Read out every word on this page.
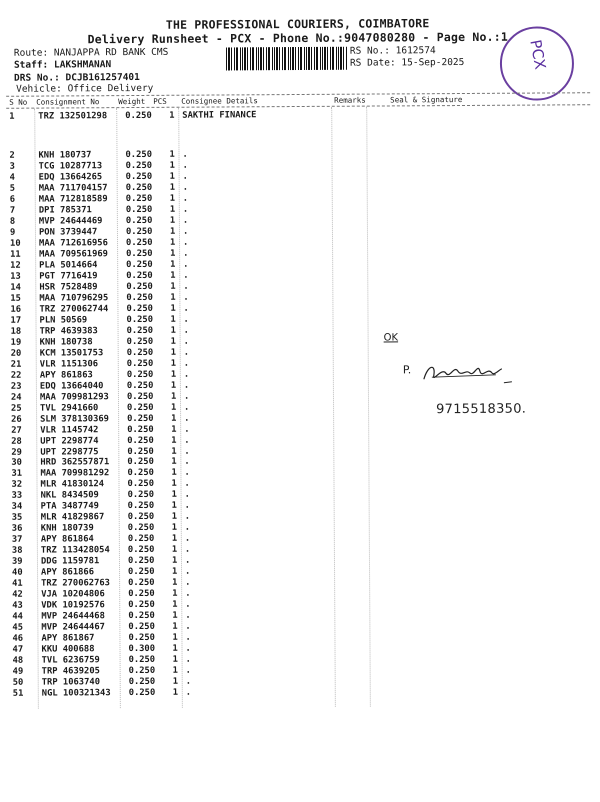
THE PROFESSIONAL COURIERS, COIMBATORE
Delivery Runsheet - PCX - Phone No.:9047080280 - Page No.:1
Route: NANJAPPA RD BANK CMS
Staff: LAKSHMANAN
DRS No.: DCJB161257401
Vehicle: Office Delivery
RS No.: 1612574
RS Date: 15-Sep-2025	PCX
S No Consignment No Weight PCS Consignee Details	Remarks	Seal & Signature
1	TRZ 132501298 0.250 1 SAKTHI FINANCE
2	KNH 180737	0.250 1 .
3	TCG 10287713	0.250 1 .
4	EDQ 13664265	0.250 1 .
5	MAA 711704157 0.250 1 .
6	MAA 712818589 0.250 1 .
7	DPI 785371	0.250 1 .
8	MVP 24644469	0.250 1 .
9	PON 3739447	0.250 1 .
10 MAA 712616956 0.250 1 .
11 MAA 709561969 0.250 1 .
12 PLA 5014664	0.250 1 .
13 PGT 7716419	0.250 1 .
14 HSR 7528489	0.250 1 .
15 MAA 710796295 0.250 1 .
16 TRZ 270062744 0.250 1 .
17 PLN 50569	0.250 1 .
18 TRP 4639383	0.250 1 .
19 KNH 180738	0.250 1 .
20 KCM 13501753	0.250 1 .
21 VLR 1151306	0.250 1 .
22 APY 861863	0.250 1 .
23 EDQ 13664040	0.250 1 .
24 MAA 709981293 0.250 1 .
25 TVL 2941660	0.250 1 .
26 SLM 378130369 0.250 1 .
27 VLR 1145742	0.250 1 .
28 UPT 2298774	0.250 1 .
29 UPT 2298775	0.250 1 .
30 HRD 362557871 0.250 1 .
31 MAA 709981292 0.250 1 .
32 MLR 41830124	0.250 1 .
33 NKL 8434509	0.250 1 .
34 PTA 3487749	0.250 1 .
35 MLR 41829867	0.250 1 .
36 KNH 180739	0.250 1 .
37 APY 861864	0.250 1 .
38 TRZ 113428054 0.250 1 .
39 DDG 1159781	0.250 1 .
40 APY 861866	0.250 1 .
41 TRZ 270062763 0.250 1 .
42 VJA 10204806	0.250 1 .
43 VDK 10192576	0.250 1 .
44 MVP 24644468	0.250 1 .
45 MVP 24644467	0.250 1 .
46 APY 861867	0.250 1 .
47 KKU 400688	0.300 1 .
48 TVL 6236759	0.250 1 .
49 TRP 4639205	0.250 1 .
50 TRP 1063740	0.250 1 .
51 NGL 100321343 0.250 1 .
OK
P.
9715518350.
